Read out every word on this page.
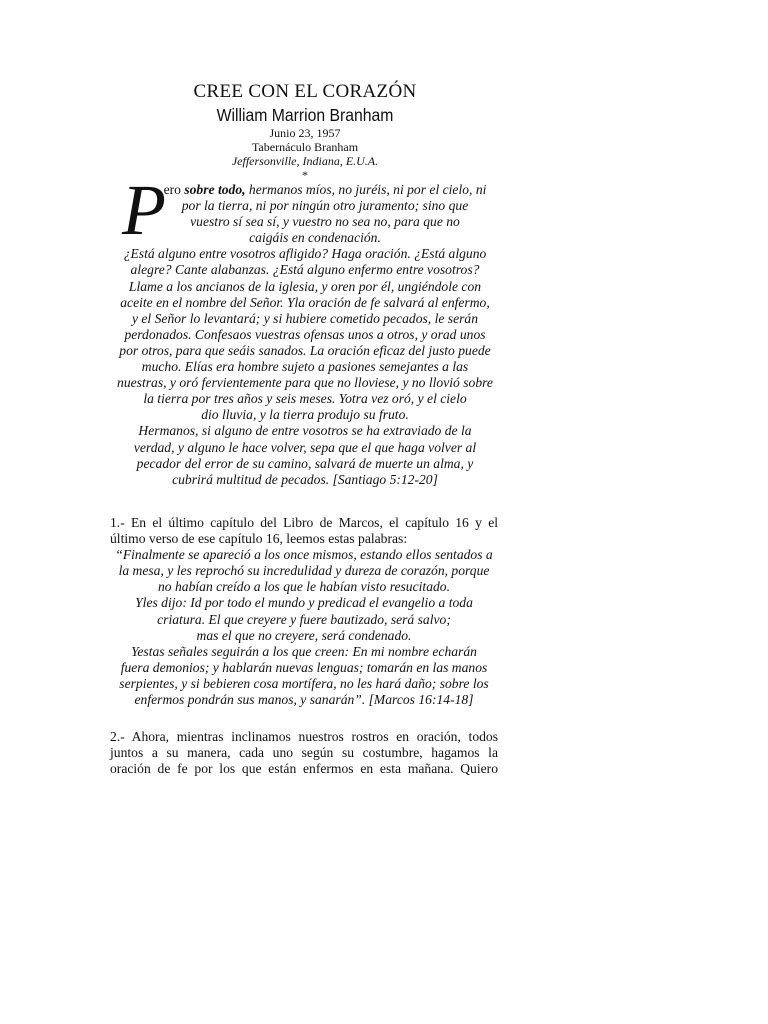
CREE CON EL CORAZÓN
William Marrion Branham
Junio 23, 1957
Tabernáculo Branham
Jeffersonville, Indiana, E.U.A.
*
P
ero sobre todo, hermanos míos, no juréis, ni por el cielo, ni
por la tierra, ni por ningún otro juramento; sino que
vuestro sí sea sí, y vuestro no sea no, para que no
caigáis en condenación.
¿Está alguno entre vosotros afligido? Haga oración. ¿Está alguno
alegre? Cante alabanzas. ¿Está alguno enfermo entre vosotros?
Llame a los ancianos de la iglesia, y oren por él, ungiéndole con
aceite en el nombre del Señor. Yla oración de fe salvará al enfermo,
y el Señor lo levantará; y si hubiere cometido pecados, le serán
perdonados. Confesaos vuestras ofensas unos a otros, y orad unos
por otros, para que seáis sanados. La oración eficaz del justo puede
mucho. Elías era hombre sujeto a pasiones semejantes a las
nuestras, y oró fervientemente para que no lloviese, y no llovió sobre
la tierra por tres años y seis meses. Yotra vez oró, y el cielo
dio lluvia, y la tierra produjo su fruto.
Hermanos, si alguno de entre vosotros se ha extraviado de la
verdad, y alguno le hace volver, sepa que el que haga volver al
pecador del error de su camino, salvará de muerte un alma, y
cubrirá multitud de pecados. [Santiago 5:12-20]
1.- En el último capítulo del Libro de Marcos, el capítulo 16 y el
último verso de ese capítulo 16, leemos estas palabras:
“Finalmente se apareció a los once mismos, estando ellos sentados a
la mesa, y les reprochó su incredulidad y dureza de corazón, porque
no habían creído a los que le habían visto resucitado.
Yles dijo: Id por todo el mundo y predicad el evangelio a toda
criatura. El que creyere y fuere bautizado, será salvo;
mas el que no creyere, será condenado.
Yestas señales seguirán a los que creen: En mi nombre echarán
fuera demonios; y hablarán nuevas lenguas; tomarán en las manos
serpientes, y si bebieren cosa mortífera, no les hará daño; sobre los
enfermos pondrán sus manos, y sanarán”. [Marcos 16:14-18]
2.- Ahora, mientras inclinamos nuestros rostros en oración, todos
juntos a su manera, cada uno según su costumbre, hagamos la
oración de fe por los que están enfermos en esta mañana. Quiero
